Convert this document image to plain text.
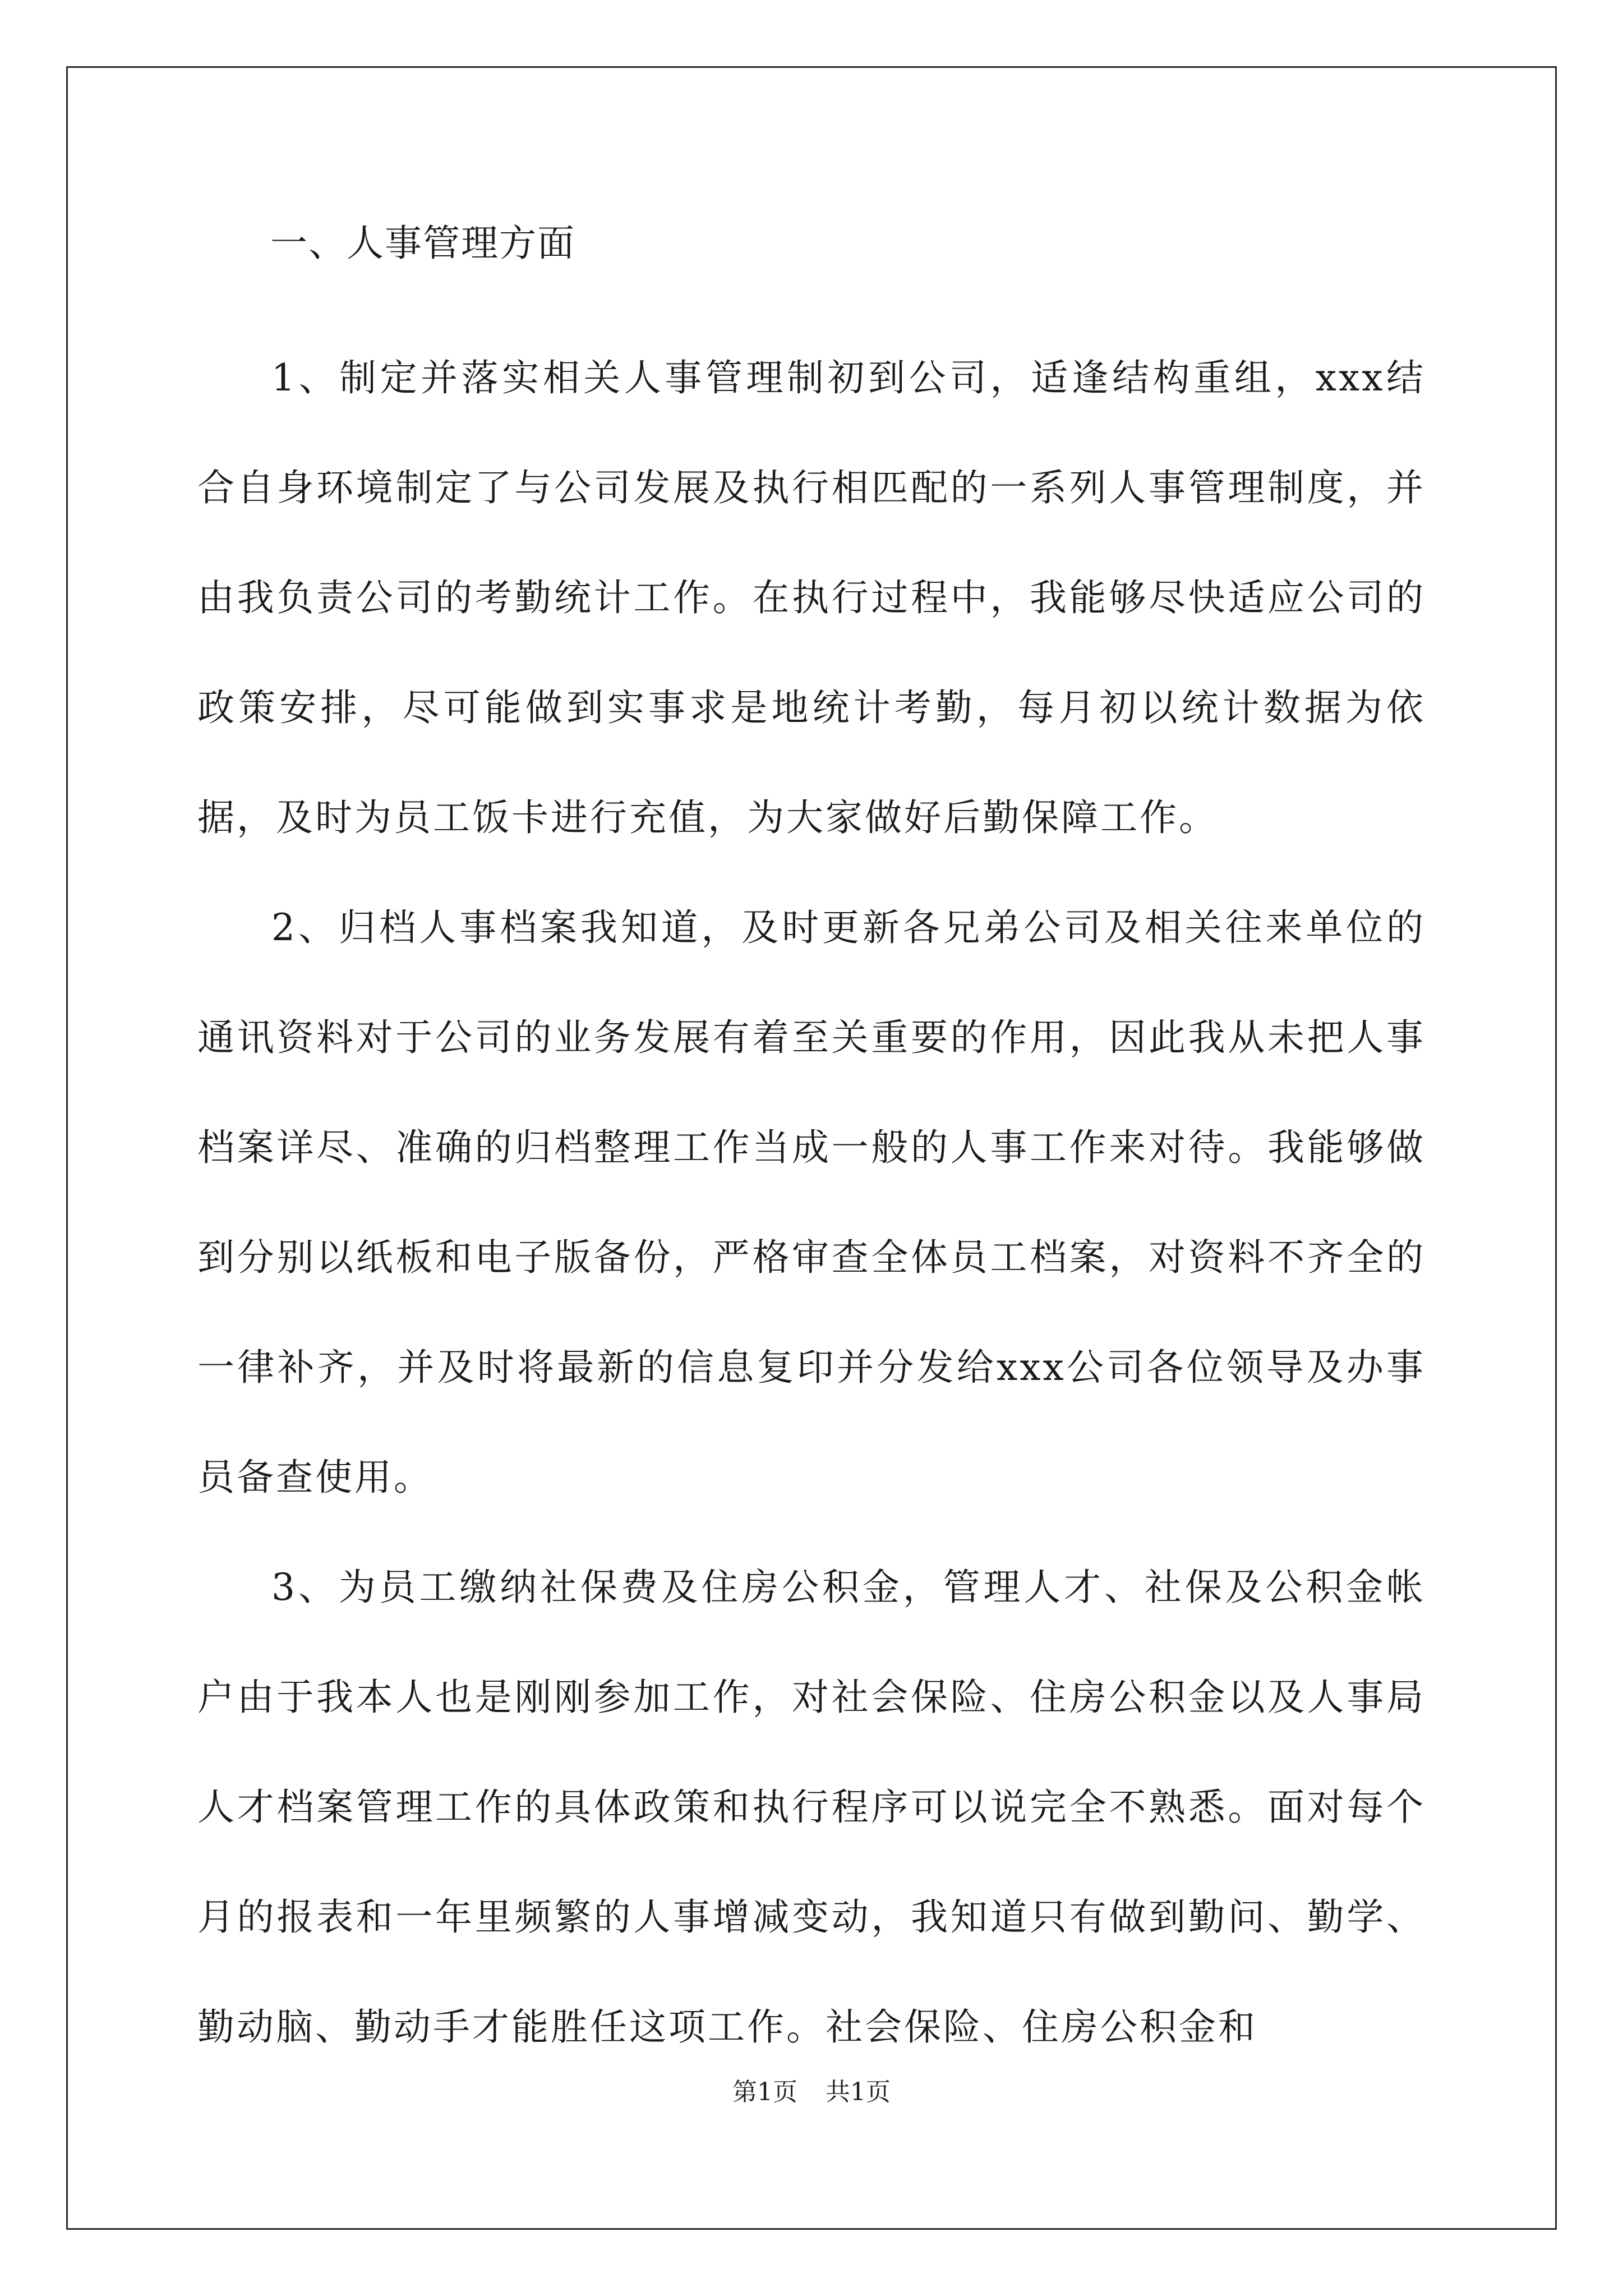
一、人事管理方面

1、制定并落实相关人事管理制初到公司，适逢结构重组，xxx结合自身环境制定了与公司发展及执行相匹配的一系列人事管理制度，并由我负责公司的考勤统计工作。在执行过程中，我能够尽快适应公司的政策安排，尽可能做到实事求是地统计考勤，每月初以统计数据为依据，及时为员工饭卡进行充值，为大家做好后勤保障工作。

2、归档人事档案我知道，及时更新各兄弟公司及相关往来单位的通讯资料对于公司的业务发展有着至关重要的作用，因此我从未把人事档案详尽、准确的归档整理工作当成一般的人事工作来对待。我能够做到分别以纸板和电子版备份，严格审查全体员工档案，对资料不齐全的一律补齐，并及时将最新的信息复印并分发给xxx公司各位领导及办事员备查使用。

3、为员工缴纳社保费及住房公积金，管理人才、社保及公积金帐户由于我本人也是刚刚参加工作，对社会保险、住房公积金以及人事局人才档案管理工作的具体政策和执行程序可以说完全不熟悉。面对每个月的报表和一年里频繁的人事增减变动，我知道只有做到勤问、勤学、勤动脑、勤动手才能胜任这项工作。社会保险、住房公积金和

第1页 共1页
